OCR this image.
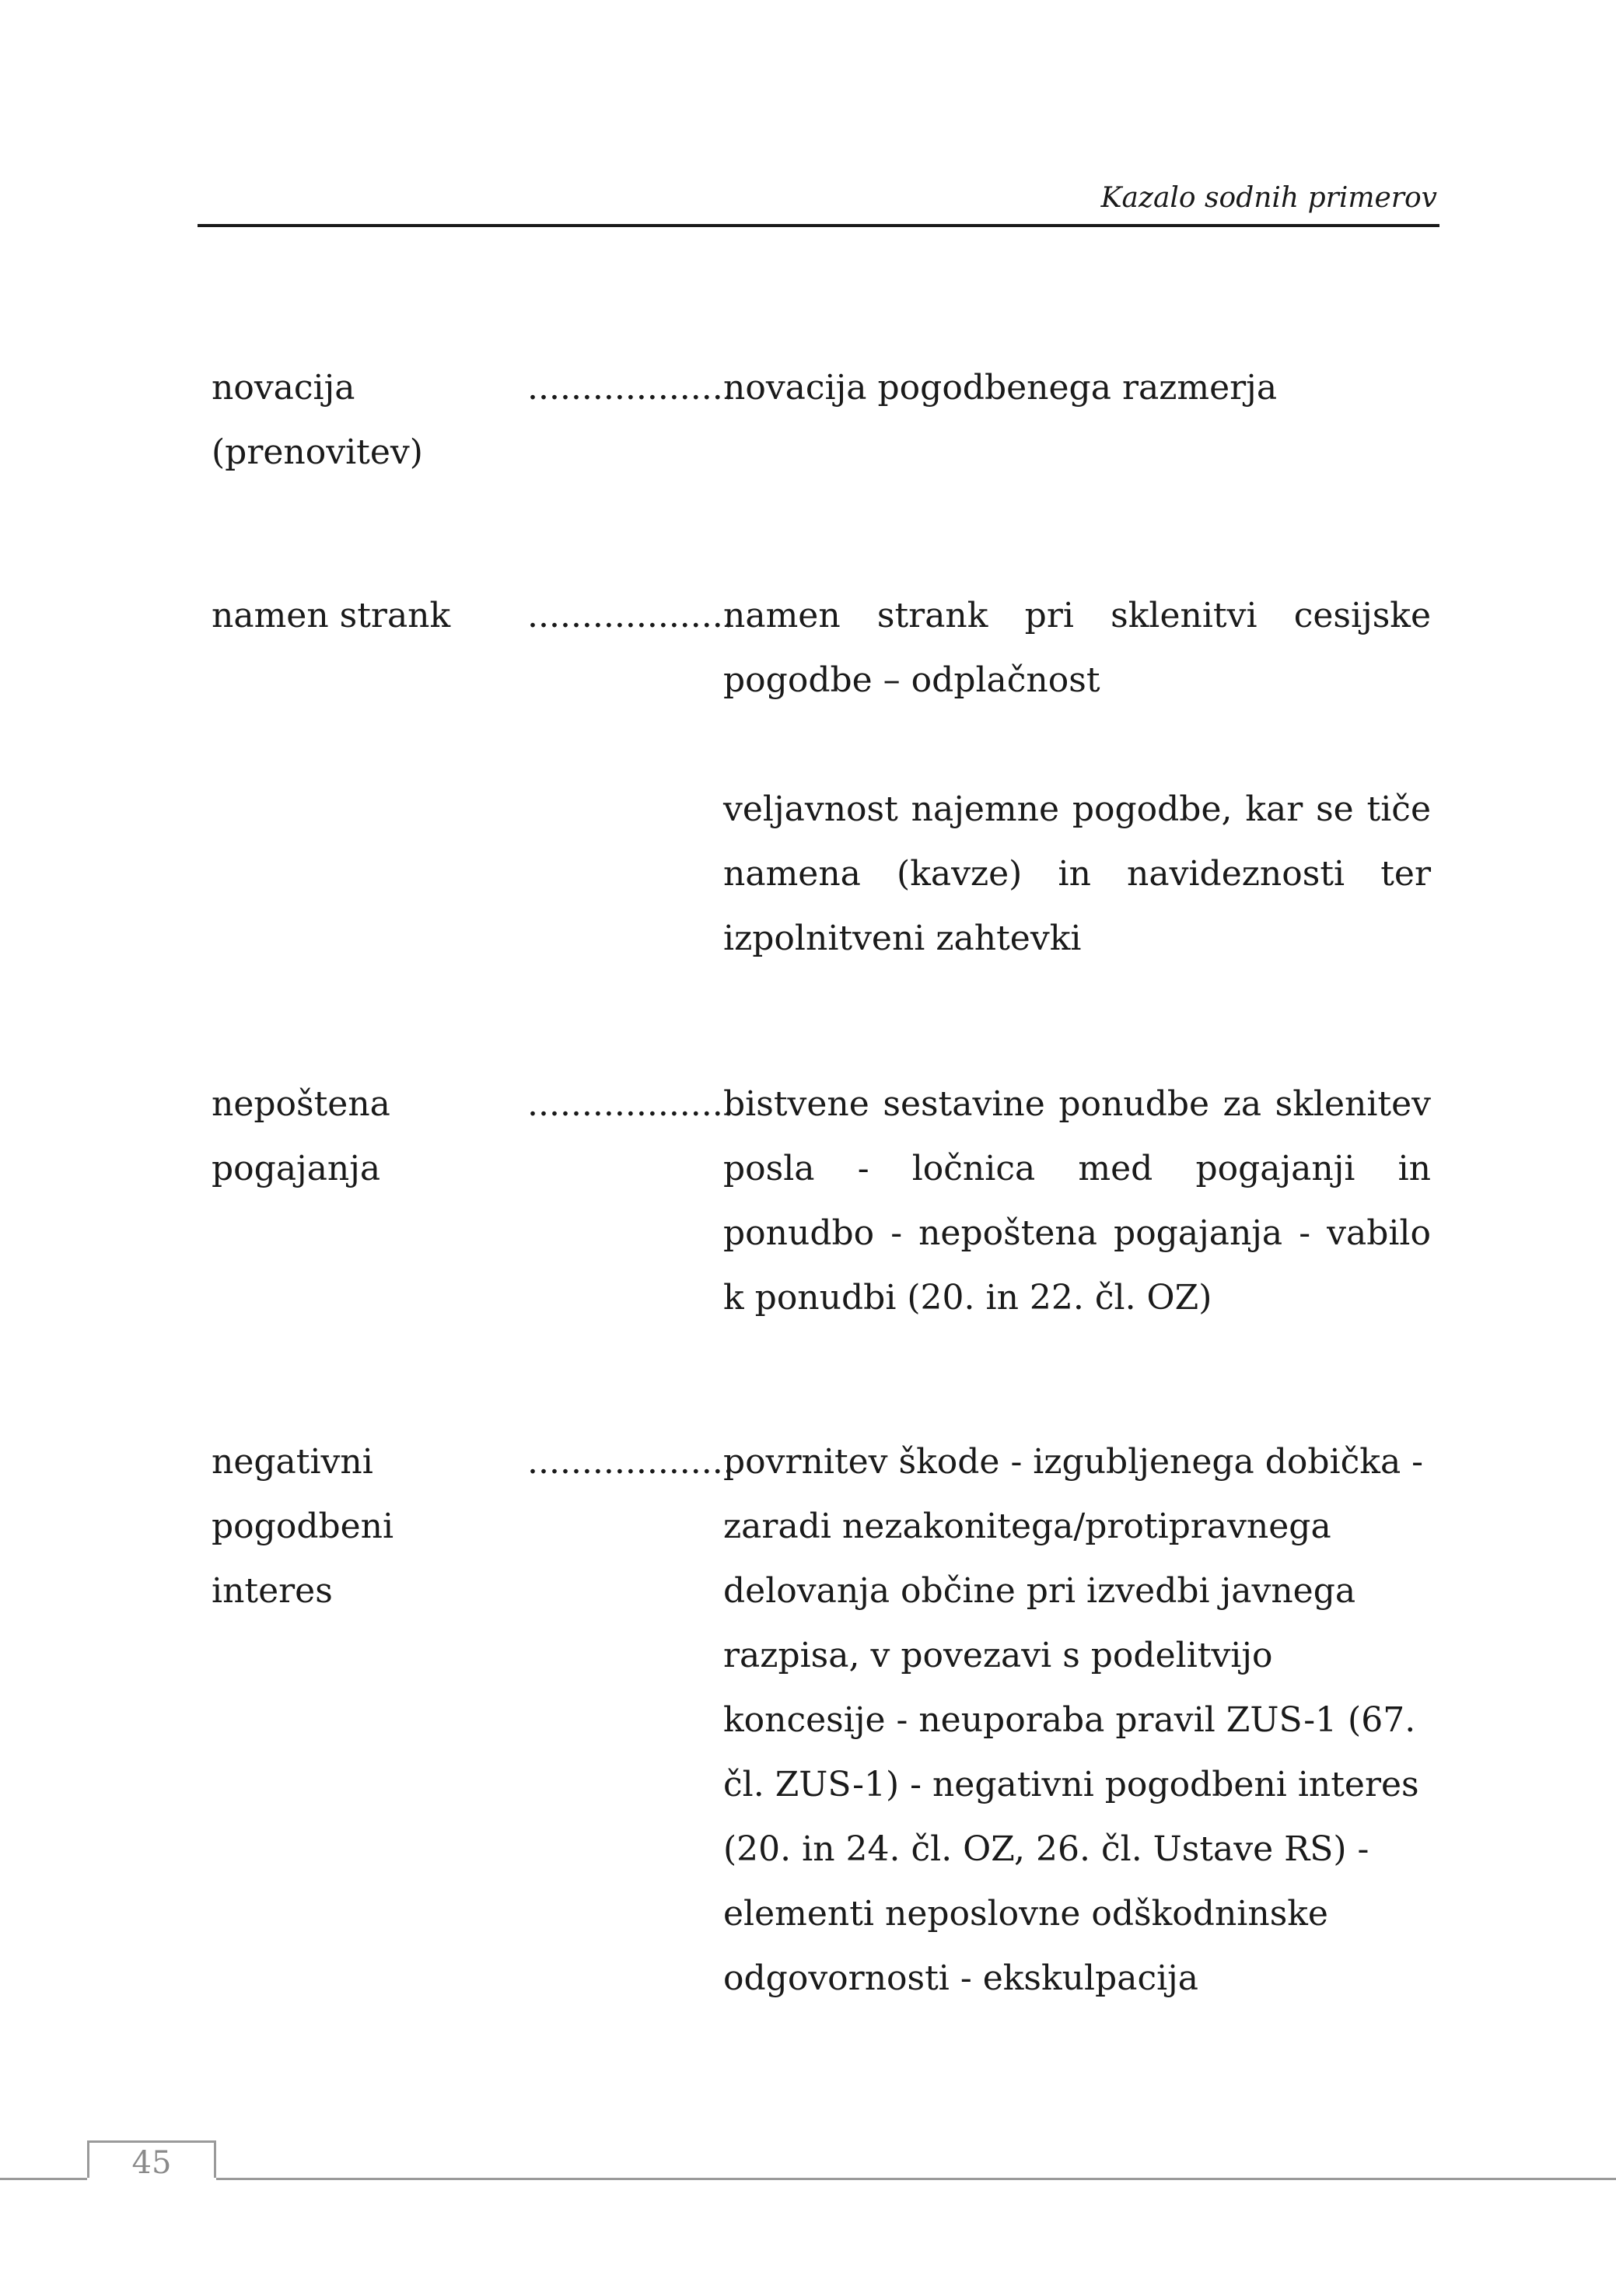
Kazalo sodnih primerov
novacija (prenovitev)
...................

novacija pogodbenega razmerja

namen strank	...................

namen strank pri sklenitvi cesijske pogodbe – odplačnost

veljavnost najemne pogodbe, kar se tiče namena (kavze) in navideznosti ter izpolnitveni zahtevki

nepoštena pogajanja
...................

bistvene sestavine ponudbe za sklenitev posla - ločnica med pogajanji in ponudbo - nepoštena pogajanja - vabilo k ponudbi (20. in 22. čl. OZ)

negativni pogodbeni interes
...................

povrnitev škode - izgubljenega dobička - zaradi nezakonitega/protipravnega delovanja občine pri izvedbi javnega razpisa, v povezavi s podelitvijo koncesije - neuporaba pravil ZUS-1 (67. čl. ZUS-1) - negativni pogodbeni interes (20. in 24. čl. OZ, 26. čl. Ustave RS) - elementi neposlovne odškodninske odgovornosti - ekskulpacija

45
